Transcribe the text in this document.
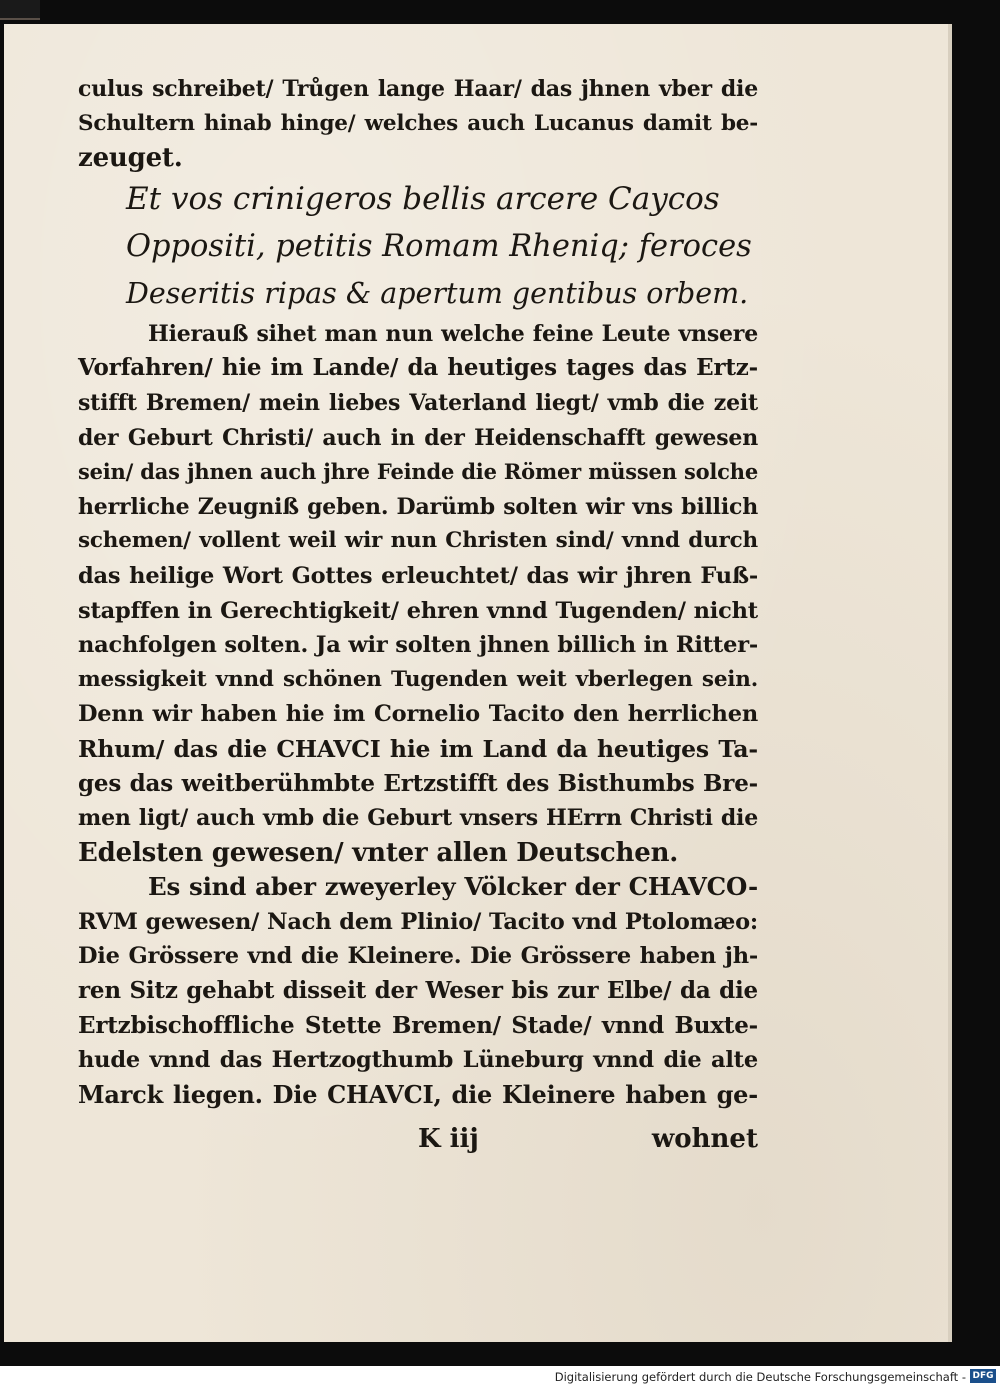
culus schreibet/ Trůgen lange Haar/ das jhnen vber die
Schultern hinab hinge/ welches auch Lucanus damit be-
zeuget.
Et vos crinigeros bellis arcere Caycos
Oppositi, petitis Romam Rheniq; feroces
Deseritis ripas & apertum gentibus orbem.
Hierauß sihet man nun welche feine Leute vnsere
Vorfahren/ hie im Lande/ da heutiges tages das Ertz-
stifft Bremen/ mein liebes Vaterland liegt/ vmb die zeit
der Geburt Christi/ auch in der Heidenschafft gewesen
sein/ das jhnen auch jhre Feinde die Römer müssen solche
herrliche Zeugniß geben. Darümb solten wir vns billich
schemen/ vollent weil wir nun Christen sind/ vnnd durch
das heilige Wort Gottes erleuchtet/ das wir jhren Fuß-
stapffen in Gerechtigkeit/ ehren vnnd Tugenden/ nicht
nachfolgen solten. Ja wir solten jhnen billich in Ritter-
messigkeit vnnd schönen Tugenden weit vberlegen sein.
Denn wir haben hie im Cornelio Tacito den herrlichen
Rhum/ das die CHAVCI hie im Land da heutiges Ta-
ges das weitberühmbte Ertzstifft des Bisthumbs Bre-
men ligt/ auch vmb die Geburt vnsers HErrn Christi die
Edelsten gewesen/ vnter allen Deutschen.
Es sind aber zweyerley Völcker der CHAVCO-
RVM gewesen/ Nach dem Plinio/ Tacito vnd Ptolomæo:
Die Grössere vnd die Kleinere. Die Grössere haben jh-
ren Sitz gehabt disseit der Weser bis zur Elbe/ da die
Ertzbischoffliche Stette Bremen/ Stade/ vnnd Buxte-
hude vnnd das Hertzogthumb Lüneburg vnnd die alte
Marck liegen. Die CHAVCI, die Kleinere haben ge-
K iij	wohnet
Digitalisierung gefördert durch die Deutsche Forschungsgemeinschaft - DFG
